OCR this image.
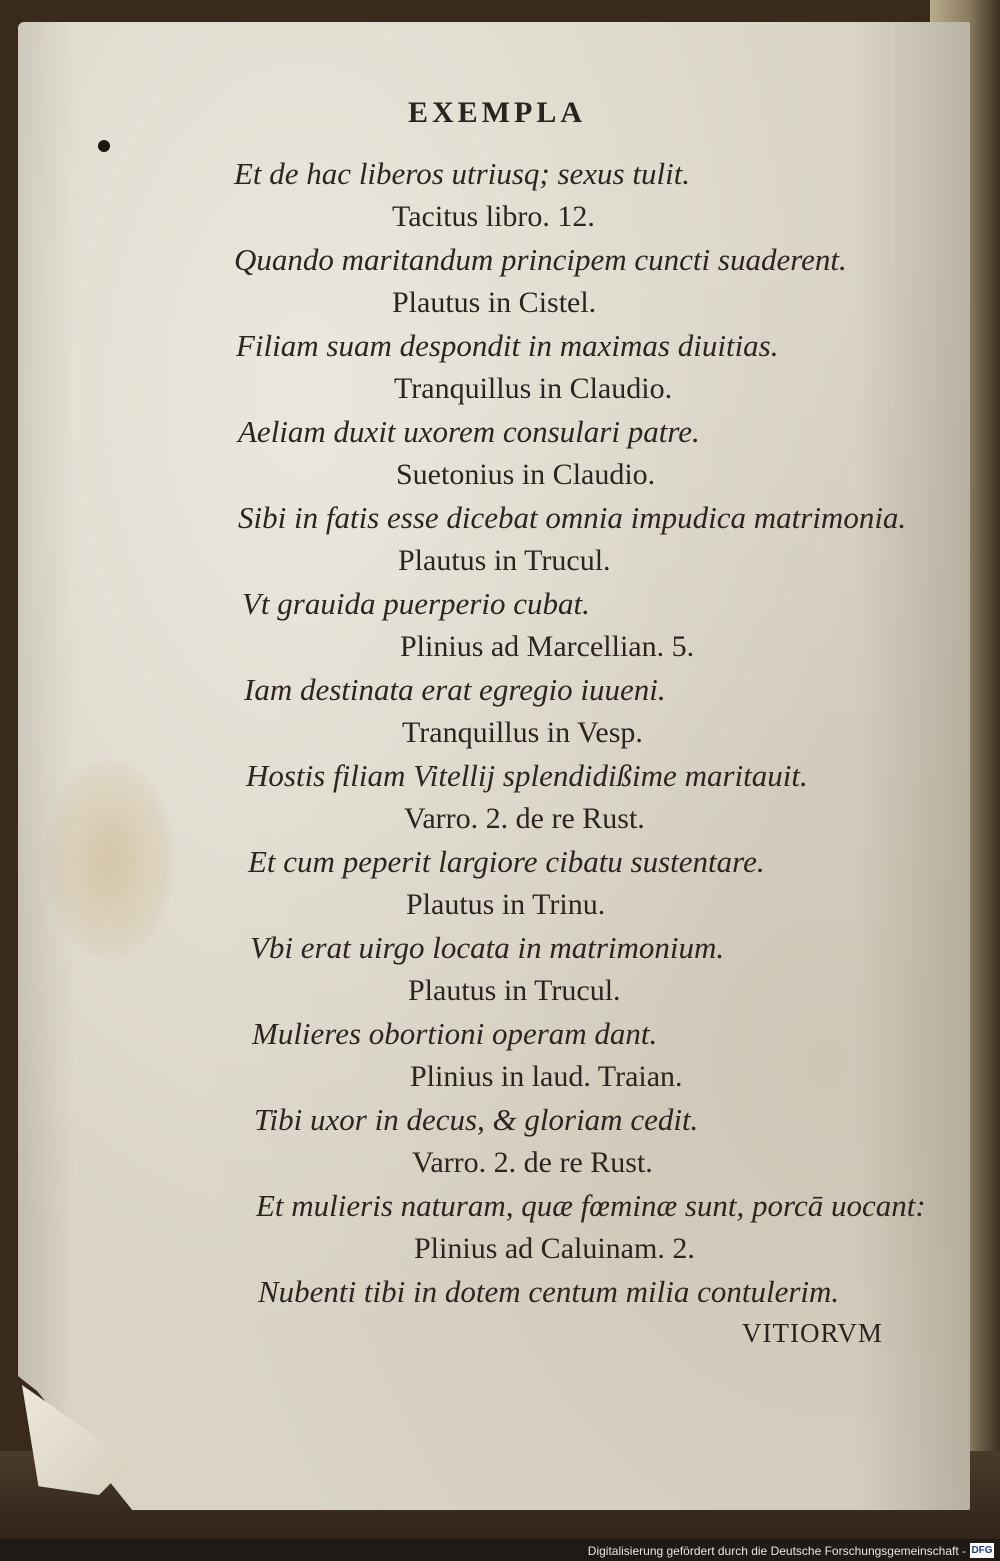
EXEMPLA
Et de hac liberos utriusq; sexus tulit.
Tacitus libro. 12.
Quando maritandum principem cuncti suaderent.
Plautus in Cistel.
Filiam suam despondit in maximas diuitias.
Tranquillus in Claudio.
Aeliam duxit uxorem consulari patre.
Suetonius in Claudio.
Sibi in fatis esse dicebat omnia impudica matrimonia.
Plautus in Trucul.
Vt grauida puerperio cubat.
Plinius ad Marcellian. 5.
Iam destinata erat egregio iuueni.
Tranquillus in Vesp.
Hostis filiam Vitellij splendidißime maritauit.
Varro. 2. de re Rust.
Et cum peperit largiore cibatu sustentare.
Plautus in Trinu.
Vbi erat uirgo locata in matrimonium.
Plautus in Trucul.
Mulieres obortioni operam dant.
Plinius in laud. Traian.
Tibi uxor in decus, & gloriam cedit.
Varro. 2. de re Rust.
Et mulieris naturam, quæ fœminæ sunt, porcā uocant:
Plinius ad Caluinam. 2.
Nubenti tibi in dotem centum milia contulerim.
VITIORVM
Digitalisierung gefördert durch die Deutsche Forschungsgemeinschaft - DFG
